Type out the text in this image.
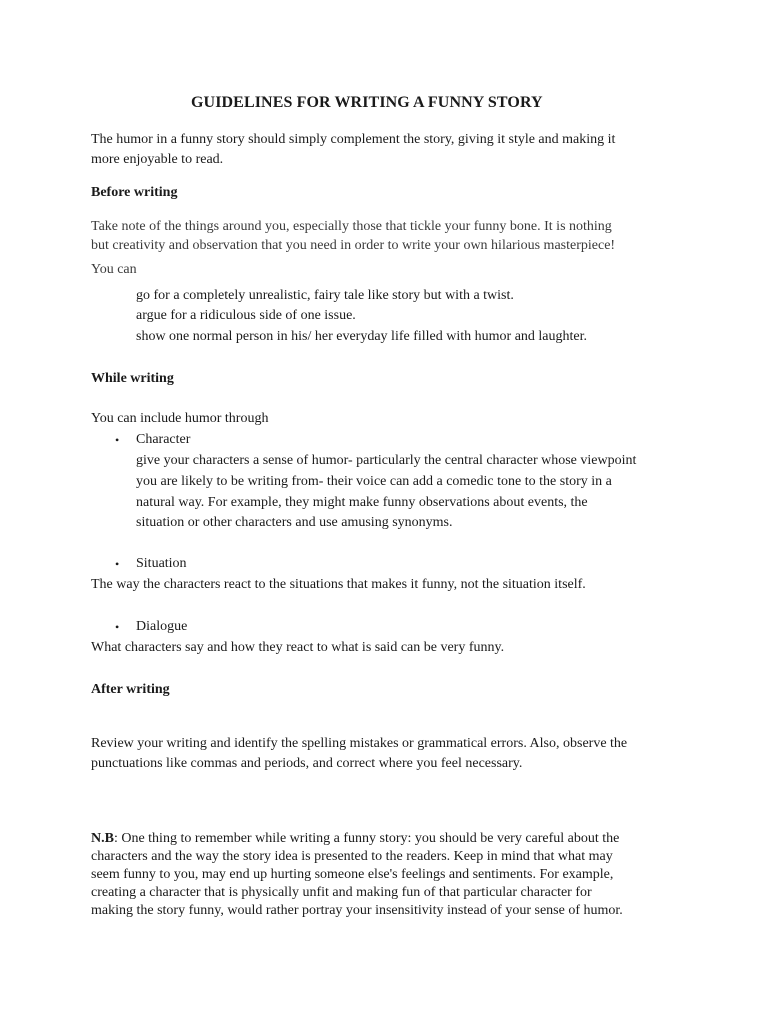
GUIDELINES FOR WRITING A FUNNY STORY

The humor in a funny story should simply complement the story, giving it style and making it

more enjoyable to read.

Before writing

Take note of the things around you, especially those that tickle your funny bone. It is nothing

but creativity and observation that you need in order to write your own hilarious masterpiece!

You can

go for a completely unrealistic, fairy tale like story but with a twist.

argue for a ridiculous side of one issue.

show one normal person in his/ her everyday life filled with humor and laughter.

While writing

You can include humor through

• Character

give your characters a sense of humor- particularly the central character whose viewpoint

you are likely to be writing from- their voice can add a comedic tone to the story in a

natural way. For example, they might make funny observations about events, the

situation or other characters and use amusing synonyms.

• Situation

The way the characters react to the situations that makes it funny, not the situation itself.

• Dialogue

What characters say and how they react to what is said can be very funny.

After writing

Review your writing and identify the spelling mistakes or grammatical errors. Also, observe the

punctuations like commas and periods, and correct where you feel necessary.

N.B: One thing to remember while writing a funny story: you should be very careful about the

characters and the way the story idea is presented to the readers. Keep in mind that what may

seem funny to you, may end up hurting someone else's feelings and sentiments. For example,

creating a character that is physically unfit and making fun of that particular character for

making the story funny, would rather portray your insensitivity instead of your sense of humor.
